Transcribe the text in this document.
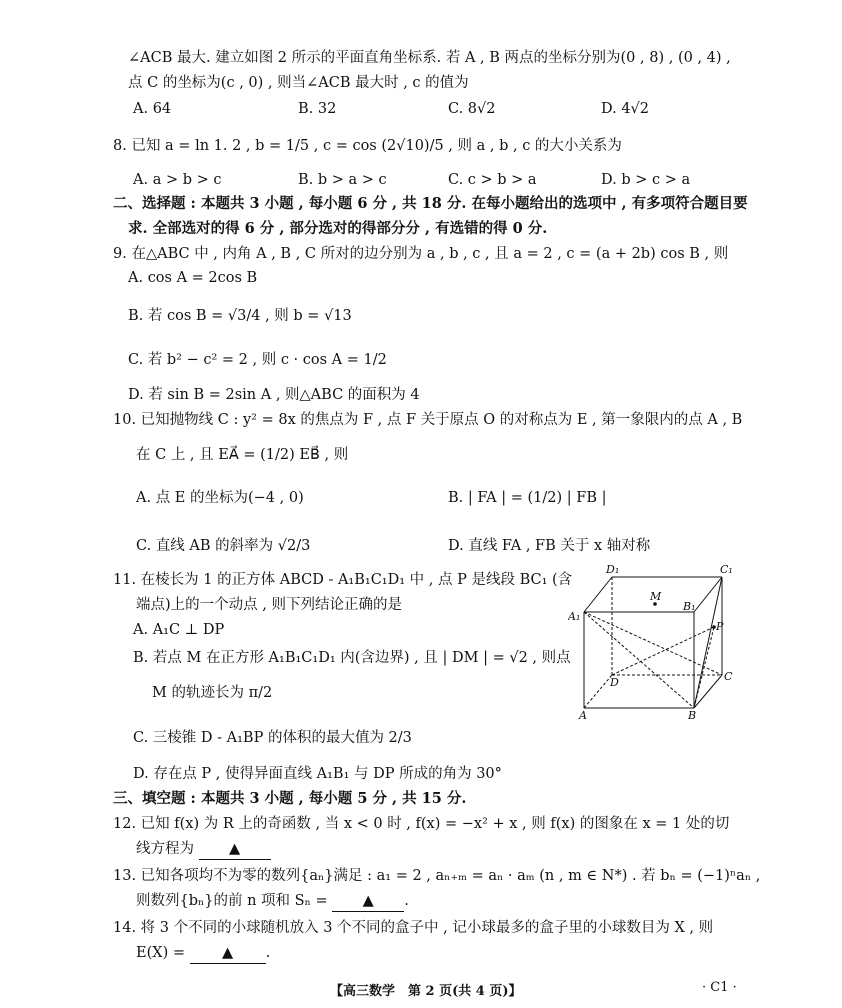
∠ACB 最大. 建立如图 2 所示的平面直角坐标系. 若 A , B 两点的坐标分别为(0 , 8) , (0 , 4) ,
点 C 的坐标为(c , 0) , 则当∠ACB 最大时 , c 的值为
A. 64	B. 32	C. 8√2	D. 4√2
8. 已知 a = ln 1. 2 , b = 1/5 , c = cos (2√10)/5 , 则 a , b , c 的大小关系为
A. a > b > c	B. b > a > c	C. c > b > a	D. b > c > a
二、选择题 : 本题共 3 小题 , 每小题 6 分 , 共 18 分. 在每小题给出的选项中 , 有多项符合题目要
求. 全部选对的得 6 分 , 部分选对的得部分分 , 有选错的得 0 分.
9. 在△ABC 中 , 内角 A , B , C 所对的边分别为 a , b , c , 且 a = 2 , c = (a + 2b) cos B , 则
A. cos A = 2cos B
B. 若 cos B = √3/4 , 则 b = √13
C. 若 b² − c² = 2 , 则 c · cos A = 1/2
D. 若 sin B = 2sin A , 则△ABC 的面积为 4
10. 已知抛物线 C : y² = 8x 的焦点为 F , 点 F 关于原点 O 的对称点为 E , 第一象限内的点 A , B
在 C 上 , 且 EA⃗ = (1/2) EB⃗ , 则
A. 点 E 的坐标为(−4 , 0)	B. | FA | = (1/2) | FB |
C. 直线 AB 的斜率为 √2/3	D. 直线 FA , FB 关于 x 轴对称
11. 在棱长为 1 的正方体 ABCD - A₁B₁C₁D₁ 中 , 点 P 是线段 BC₁ (含
端点)上的一个动点 , 则下列结论正确的是
A. A₁C ⊥ DP
B. 若点 M 在正方形 A₁B₁C₁D₁ 内(含边界) , 且 | DM | = √2 , 则点
M 的轨迹长为 π/2
C. 三棱锥 D - A₁BP 的体积的最大值为 2/3
D. 存在点 P , 使得异面直线 A₁B₁ 与 DP 所成的角为 30°
D₁	C₁
M
B₁
A₁
P
D	C
A	B
三、填空题 : 本题共 3 小题 , 每小题 5 分 , 共 15 分.
12. 已知 f(x) 为 R 上的奇函数 , 当 x < 0 时 , f(x) = −x² + x , 则 f(x) 的图象在 x = 1 处的切
线方程为 ▲
13. 已知各项均不为零的数列{aₙ}满足 : a₁ = 2 , aₙ₊ₘ = aₙ · aₘ (n , m ∈ N*) . 若 bₙ = (−1)ⁿaₙ ,
则数列{bₙ}的前 n 项和 Sₙ = ▲ .
14. 将 3 个不同的小球随机放入 3 个不同的盒子中 , 记小球最多的盒子里的小球数目为 X , 则
E(X) =	▲ .
【高三数学　第 2 页(共 4 页)】	· C1 ·
